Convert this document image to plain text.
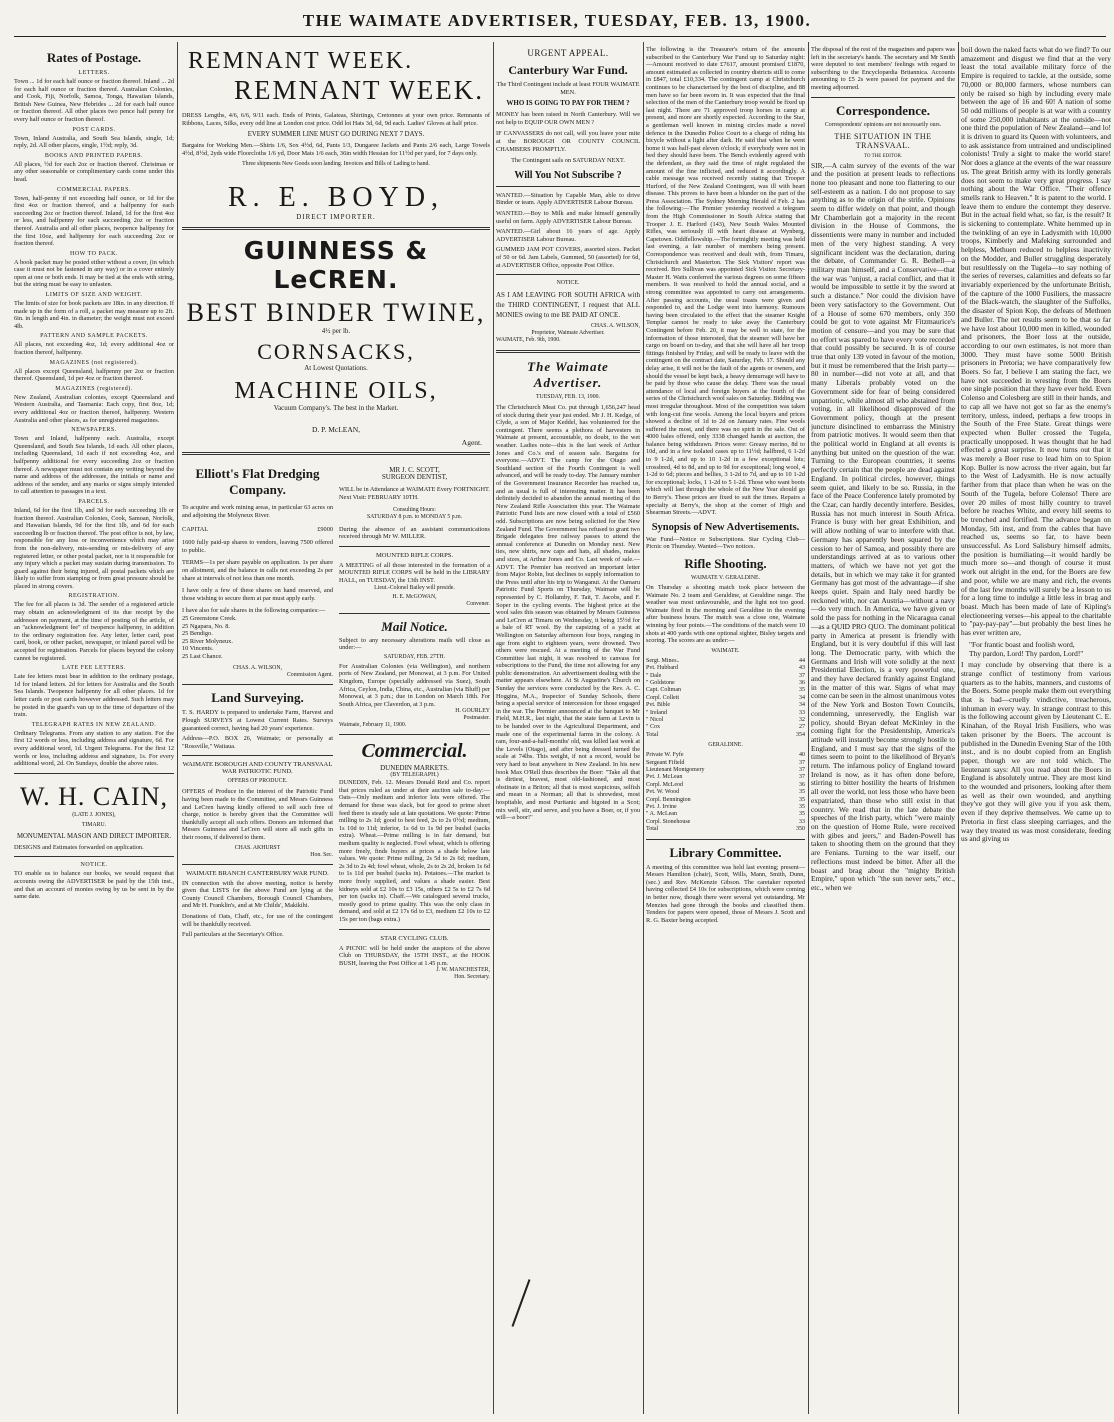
THE WAIMATE ADVERTISER, TUESDAY, FEB. 13, 1900.
Rates of Postage.
LETTERS.
Town ... 1d for each half ounce or fraction thereof. Inland ... 2d for each half ounce or fraction thereof. Australian Colonies, and Cook, Fiji, Norfolk, Samoa, Tonga, Hawaiian Islands, British New Guinea, New Hebrides ... 2d for each half ounce or fraction thereof. All other places two pence half penny for every half ounce or fraction thereof.
POST CARDS.
Town, Inland Australia, and South Sea Islands, single, 1d; reply, 2d. All other places, single, 1½d; reply, 3d.
BOOKS AND PRINTED PAPERS.
All places, ½d for each 2oz or fraction thereof. Christmas or any other seasonable or complimentary cards come under this head.
COMMERCIAL PAPERS.
Town, half-penny if not exceeding half ounce, or 1d for the first 4oz or fraction thereof, and a halfpenny for each succeeding 2oz or fraction thereof. Inland, 1d for the first 4oz or less, and halfpenny for each succeeding 2oz or fraction thereof. Australia and all other places, twopence halfpenny for the first 10oz, and halfpenny for each succeeding 2oz or fraction thereof.
HOW TO PACK.
A book packet may be posted either without a cover, (in which case it must not be fastened in any way) or in a cover entirely open at one or both ends. It may be tied at the ends with string, but the string must be easy to unfasten.
LIMITS OF SIZE AND WEIGHT.
The limits of size for book packets are 18in. in any direction. If made up in the form of a roll, a packet may measure up to 2ft. 6in. in length and 4in. in diameter; the weight must not exceed 4lb.
PATTERN AND SAMPLE PACKETS.
All places, not exceeding 4oz, 1d; every additional 4oz or fraction thereof, halfpenny.
MAGAZINES (not registered).
All places except Queensland, halfpenny per 2oz or fraction thereof. Queensland, 1d per 4oz or fraction thereof.
MAGAZINES (registered).
New Zealand, Australian colonies, except Queensland and Western Australia, and Tasmania: Each copy, first 8oz, 1d; every additional 4oz or fraction thereof, halfpenny. Western Australia and other places, as for unregistered magazines.
NEWSPAPERS.
Town and Inland, halfpenny each. Australia, except Queensland, and South Sea Islands, 1d each. All other places, including Queensland, 1d each if not exceeding 4oz, and halfpenny additional for every succeeding 2oz or fraction thereof. A newspaper must not contain any writing beyond the name and address of the addressee, the initials or name and address of the sender, and any marks or signs simply intended to call attention to passages in a text.
PARCELS.
Inland, 6d for the first 1lb, and 3d for each succeeding 1lb or fraction thereof. Australian Colonies, Cook, Samoan, Norfolk, and Hawaiian Islands, 9d for the first 1lb, and 6d for each succeeding lb or fraction thereof. The post office is not, by law, responsible for any loss or inconvenience which may arise from the non-delivery, mis-sending or mis-delivery of any registered letter, or other postal packet, nor is it responsible for any injury which a packet may sustain during transmission. To guard against their being injured, all postal packets which are likely to suffer from stamping or from great pressure should be placed in strong covers.
REGISTRATION.
The fee for all places is 3d. The sender of a registered article may obtain an acknowledgment of its due receipt by the addressee on payment, at the time of posting of the article, of an "acknowledgment fee" of twopence halfpenny, in addition to the ordinary registration fee. Any letter, letter card, post card, book, or other packet, newspaper, or inland parcel will be accepted for registration. Parcels for places beyond the colony cannot be registered.
LATE FEE LETTERS.
Late fee letters must bear in addition to the ordinary postage, 1d for inland letters. 2d for letters for Australia and the South Sea Islands. Twopence halfpenny for all other places. 1d for letter cards or post cards however addressed. Such letters may be posted in the guard's van up to the time of departure of the train.
TELEGRAPH RATES IN NEW ZEALAND.
Ordinary Telegrams. From any station to any station. For the first 12 words or less, including address and signature, 6d. For every additional word, 1d. Urgent Telegrams. For the first 12 words or less, including address and signature, 1s. For every additional word, 2d. On Sundays, double the above rates.
W. H. CAIN,
(LATE J. JONES),
TIMARU.
MONUMENTAL MASON AND DIRECT IMPORTER.
DESIGNS and Estimates forwarded on application.
NOTICE.
TO enable us to balance our books, we would request that accounts owing the ADVERTISER be paid by the 15th inst., and that an account of monies owing by us be sent in by the same date.
REMNANT WEEK.
REMNANT WEEK.
DRESS Lengths, 4/6, 6/6, 9/11 each. Ends of Prints, Galateas, Shirtings, Cretonnes at your own price. Remnants of Ribbons, Laces, Silks, every odd line at London cost price. Odd lot Hats 3d, 6d, 9d each. Ladies' Gloves at half price.
EVERY SUMMER LINE MUST GO DURING NEXT 7 DAYS.
Bargains for Working Men.—Shirts 1/6, Sox 4½d, 6d, Pants 1/3, Dungaree Jackets and Pants 2/6 each, Large Towels 4½d, 8½d, 2yds wide Floorcloths 1/6 yd, Door Mats 1/6 each, 36in width Hessian for 11½d per yard, for 7 days only.
Three shipments New Goods soon landing. Invoices and Bills of Lading to hand.
R. E. BOYD,
DIRECT IMPORTER.
GUINNESS & LeCREN.
BEST BINDER TWINE,
4½ per lb.
CORNSACKS,
At Lowest Quotations.
MACHINE OILS,
Vacuum Company's. The best in the Market.
D. P. McLEAN,
Agent.
Elliott's Flat Dredging Company.
To acquire and work mining areas, in particular 63 acres on and adjoining the Molyneux River.
CAPITAL	£9000
1600 fully paid-up shares to vendors, leaving 7500 offered to public.
TERMS—1s per share payable on application. 1s per share on allotment, and the balance in calls not exceeding 2s per share at intervals of not less than one month.
I have only a few of these shares on hand reserved, and those wishing to secure them at par must apply early.
I have also for sale shares in the following companies:—
25 Greenstone Creek.
25 Ngapara, No. 8.
25 Bendigo.
25 River Molyneux.
10 Vincents.
25 Last Chance.
CHAS. A. WILSON,
Commission Agent.
Land Surveying.
T. S. HARDY is prepared to undertake Farm, Harvest and Plough SURVEYS at Lowest Current Rates. Surveys guaranteed correct, having had 20 years' experience.
Address—P.O. BOX 26, Waimate; or personally at "Rossville," Waitaua.
WAIMATE BOROUGH AND COUNTY TRANSVAAL WAR PATRIOTIC FUND.
OFFERS OF PRODUCE.
OFFERS of Produce in the interest of the Patriotic Fund having been made to the Committee, and Messrs Guinness and LeCren having kindly offered to sell such free of charge, notice is hereby given that the Committee will thankfully accept all such offers. Donors are informed that Messrs Guinness and LeCren will store all such gifts in their rooms, if delivered to them.
CHAS. AKHURST
Hon. Sec.
WAIMATE BRANCH CANTERBURY WAR FUND.
IN connection with the above meeting, notice is hereby given that LISTS for the above Fund are lying at the County Council Chambers, Borough Council Chambers, and Mr H. Franklin's, and at Mr Childs', Makikihi.
Donations of Oats, Chaff, etc., for use of the contingent will be thankfully received.
Full particulars at the Secretary's Office.
MR J. C. SCOTT,
SURGEON DENTIST,
WILL be in Attendance at WAIMATE Every FORTNIGHT. Next Visit: FEBRUARY 10TH.
Consulting Hours:
SATURDAY 8 p.m. to MONDAY 5 p.m.
During the absence of an assistant communications received through Mr W. MILLER.
MOUNTED RIFLE CORPS.
A MEETING of all those interested in the formation of a MOUNTED RIFLE CORPS will be held in the LIBRARY HALL, on TUESDAY, the 13th INST.
Lieut.-Colonel Bailey will preside.
H. E. McGOWAN,
Convener.
Mail Notice.
Subject to any necessary alterations mails will close as under:—
SATURDAY, FEB. 27TH.
For Australian Colonies (via Wellington), and northern ports of New Zealand, per Monowai, at 3 p.m. For United Kingdom, Europe (specially addressed via Suez), South Africa, Ceylon, India, China, etc., Australian (via Bluff) per Monowai, at 3 p.m.; due in London on March 18th. For South Africa, per Claverdon, at 3 p.m.
H. GOURLEY
Postmaster.
Waimate, February 11, 1900.
Commercial.
DUNEDIN MARKETS.
(BY TELEGRAPH.)
DUNEDIN, Feb. 12. Messrs Donald Reid and Co. report that prices ruled as under at their auction sale to-day:— Oats—Only medium and inferior lots were offered. The demand for these was slack, but for good to prime short feed there is steady sale at late quotations. We quote: Prime milling to 2s 1d; good to best feed, 2s to 2s 0½d; medium, 1s 10d to 11d; inferior, 1s 6d to 1s 9d per bushel (sacks extra). Wheat.—Prime milling is in fair demand, but medium quality is neglected. Fowl wheat, which is offering more freely, finds buyers at prices a shade below late values. We quote: Prime milling, 2s 5d to 2s 6d; medium, 2s 3d to 2s 4d; fowl wheat, whole, 2s to 2s 2d, broken 1s 6d to 1s 11d per bushel (sacks in). Potatoes.—The market is more freely supplied, and values a shade easier. Best kidneys sold at £2 10s to £3 15s, others £2 5s to £2 7s 6d per ton (sacks in). Chaff.—We catalogued several trucks, mostly good to prime quality. This was the only class in demand, and sold at £2 17s 6d to £3, medium £2 10s to £2 15s per ton (bags extra.)
STAR CYCLING CLUB.
A PICNIC will be held under the auspices of the above Club on THURSDAY, the 15TH INST., at the HOOK BUSH, leaving the Post Office at 1.45 p.m.
J. W. MANCHESTER,
Hon. Secretary.
URGENT APPEAL.
Canterbury War Fund.
The Third Contingent include at least FOUR WAIMATE MEN.
WHO IS GOING TO PAY FOR THEM ?
MONEY has been raised in North Canterbury. Will we not help to EQUIP OUR OWN MEN ?
IF CANVASSERS do not call, will you leave your mite at the BOROUGH OR COUNTY COUNCIL CHAMBERS PROMPTLY.
The Contingent sails on SATURDAY NEXT.
Will You Not Subscribe ?
WANTED.—Situation by Capable Man, able to drive Binder or team. Apply ADVERTISER Labour Bureau.
WANTED.—Boy to Milk and make himself generally useful on farm. Apply ADVERTISER Labour Bureau.
WANTED.—Girl about 16 years of age. Apply ADVERTISER Labour Bureau.
GUMMED JAM POT COVERS, assorted sizes. Packet of 50 or 6d. Jam Labels, Gummed, 50 (assorted) for 6d, at ADVERTISER Office, opposite Post Office.
NOTICE.
AS I AM LEAVING FOR SOUTH AFRICA with the THIRD CONTINGENT, I request that ALL MONIES owing to me BE PAID AT ONCE.
CHAS. A. WILSON,
Proprietor, Waimate Advertiser.
WAIMATE, Feb. 9th, 1900.
The Waimate Advertiser.
TUESDAY, FEB. 13, 1900.
The Christchurch Meat Co. put through 1,656,247 head of stock during their year just ended. Mr J. H. Kedge, of Clyde, a son of Major Keddel, has volunteered for the contingent. There seems a plethora of harvesters in Waimate at present, accountable, no doubt, to the wet weather. Ladies note—this is the last week of Arthur Jones and Co.'s end of season sale. Bargains for everyone.—ADVT. The camp for the Otago and Southland section of the Fourth Contingent is well advanced, and will be ready to-day. The January number of the Government Insurance Recorder has reached us, and as usual is full of interesting matter. It has been definitely decided to abandon the annual meeting of the New Zealand Rifle Association this year. The Waimate Patriotic Fund lists are now closed with a total of £560 odd. Subscriptions are now being solicited for the New Zealand Fund. The Government has refused to grant two Brigade delegates free railway passes to attend the annual conference at Dunedin on Monday next. New ties, new shirts, new caps and hats, all shades, makes and sizes, at Arthur Jones and Co. Last week of sale.—ADVT. The Premier has received an important letter from Major Robin, but declines to supply information to the Press until after his trip to Wanganui. At the Oamaru Patriotic Fund Sports on Thursday, Waimate will be represented by C. Hollamby, F. Tait, T. Jacobs, and F. Soper in the cycling events. The highest price at the wool sales this season was obtained by Messrs Guinness and LeCren at Timaru on Wednesday, it being 15½d for a bale of RT wool. By the capsizing of a yacht at Wellington on Saturday afternoon four boys, ranging in age from eight to eighteen years, were drowned. Two others were rescued. At a meeting of the War Fund Committee last night, it was resolved to canvass for subscriptions to the Fund, the time not allowing for any public demonstration. An advertisement dealing with the matter appears elsewhere. At St Augustine's Church on Sunday the services were conducted by the Rev. A. C. Hoggins, M.A., Inspector of Sunday Schools, there being a special service of intercession for those engaged in the war. The Premier announced at the banquet to Mr Field, M.H.R., last night, that the state farm at Levin is to be handed over to the Agricultural Department, and made one of the experimental farms in the colony. A ram, four-and-a-half-months' old, was killed last week at the Levels (Otago), and after being dressed turned the scale at 74lbs. This weight, if not a record, would be very hard to beat anywhere in New Zealand. In his new book Max O'Rell thus describes the Boer: "Take all that is dirtiest, bravest, most old-fashioned, and most obstinate in a Briton; all that is most suspicious, selfish and mean in a Norman; all that is shrewdest, most hospitable, and most Puritanic and bigoted in a Scot; mix well, stir, and serve, and you have a Boer, or, if you will—a boor!"
The following is the Treasurer's return of the amounts subscribed to the Canterbury War Fund up to Saturday night:—Amount received to date £7617, amount promised £1870, amount estimated as collected in country districts still to come in £847, total £10,334. The contingent camp at Christchurch continues to be characterised by the best of discipline, and 88 men have so far been sworn in. It was expected that the final selection of the men of the Canterbury troop would be fixed up last night. There are 71 approved troop horses in camp at present, and more are shortly expected. According to the Star, a gentleman well known in mining circles made a novel defence in the Dunedin Police Court to a charge of riding his bicycle without a light after dark. He said that when he went home it was half-past eleven o'clock; if everybody were not in bed they should have been. The Bench evidently agreed with the defendant, as they said the time of night regulated the amount of the fine inflicted, and reduced it accordingly. A cable message was received recently stating that Trooper Hurford, of the New Zealand Contingent, was ill with heart disease. This proves to have been a blunder on the part of the Press Association. The Sydney Morning Herald of Feb. 2 has the following:—The Premier yesterday received a telegram from the High Commissioner in South Africa stating that Trooper J. E. Harford (143), New South Wales Mounted Rifles, was seriously ill with heart disease at Wynberg, Capetown. Oddfellowship.—The fortnightly meeting was held last evening, a fair number of members being present. Correspondence was received and dealt with, from Timaru, Christchurch and Masterton. The Sick Visitors' report was received. Bro Sullivan was appointed Sick Visitor. Secretary-Master H. Watts conferred the various degrees on some fifteen members. It was resolved to hold the annual social, and a strong committee was appointed to carry out arrangements. After passing accounts, the usual toasts were given and responded to, and the Lodge went into harmony. Rumours having been circulated to the effect that the steamer Knight Templar cannot be ready to take away the Canterbury Contingent before Feb. 20, it may be well to state, for the information of those interested, that the steamer will have her cargo on board on to-day, and that she will have all her troop fittings finished by Friday, and will be ready to leave with the contingent on the contract date, Saturday, Feb. 17. Should any delay arise, it will not be the fault of the agents or owners, and should the vessel be kept back, a heavy demurrage will have to be paid by those who cause the delay. There was the usual attendance of local and foreign buyers at the fourth of the series of the Christchurch wool sales on Saturday. Bidding was most irregular throughout. Most of the competition was taken with long-cut fine wools. Among the local buyers and prices showed a decline of 1d to 2d on January rates. Fine wools suffered the most, and there was no spirit in the sale. Out of 4000 bales offered, only 3338 changed hands at auction, the balance being withdrawn. Prices were: Greasy merino, 8d to 10d, and in a few isolated cases up to 11½d; halfbred, 6 1-2d to 9 1-2d, and up to 10 1-2d in a few exceptional lots; crossbred, 4d to 8d, and up to 9d for exceptional; long wool, 4 1-2d to 6d; pieces and bellies, 3 1-2d to 7d, and up to 10 1-2d for exceptional; locks, 1 1-2d to 5 1-2d. Those who want boots which will last through the whole of the New Year should go to Berry's. These prices are fixed to suit the times. Repairs a specialty at Berry's, the shop at the corner of High and Shearman Streets.—ADVT.
Synopsis of New Advertisements.
War Fund—Notice re Subscriptions. Star Cycling Club—Picnic on Thursday. Wanted—Two notices.
Rifle Shooting.
WAIMATE V. GERALDINE.
On Thursday a shooting match took place between the Waimate No. 2 team and Geraldine, at Geraldine range. The weather was most unfavourable, and the light not too good. Waimate fired in the morning and Geraldine in the evening after business hours. The match was a close one, Waimate winning by four points.—The conditions of the match were 10 shots at 400 yards with one optional sighter, Bisley targets and scoring. The scores are as under:—
WAIMATE.
Sergt. Mines..	44
Pvt. Hubbard	43
" Dale	37
" Goldstone	36
Capt. Coltman	35
Corpl. Collett	34
Pvt. Bible	34
" Ireland	33
" Nicol	32
" Cox	27
Total	354
GERALDINE.
Private W. Fyfe	40
Sergeant Fifield	37
Lieutenant Montgomery	37
Pvt. J. McLean	37
Corpl. McLeod	36
Pvt. W. Wood	35
Corpl. Bennington	35
Pvt. J. Irvine	35
" A. McLean	35
Corpl. Stonehouse	33
Total	350
Library Committee.
A meeting of this committee was held last evening; present—Messrs Hamilton (chair), Scott, Wills, Mann, Smith, Dunn, (sec.) and Rev. McKenzie Gibson. The caretaker reported having collected £4 10s for subscriptions, which were coming in better now, though there were several yet outstanding. Mr Menzies had gone through the books and classified them. Tenders for papers were opened, those of Messrs J. Scott and R. G. Baxter being accepted.
The disposal of the rest of the magazines and papers was left in the secretary's hands. The secretary and Mr Smith were deputed to test members' feelings with regard to subscribing to the Encyclopædia Britannica. Accounts amounting to £5 2s were passed for payment and the meeting adjourned.
Correspondence.
Correspondents' opinions are not necessarily ours.
THE SITUATION IN THE TRANSVAAL.
TO THE EDITOR.
SIR,—A calm survey of the events of the war and the position at present leads to reflections none too pleasant and none too flattering to our self-esteem as a nation. I do not propose to say anything as to the origin of the strife. Opinions seem to differ widely on that point, and though Mr Chamberlain got a majority in the recent division in the House of Commons, the dissentients were many in number and included men of the very highest standing. A very significant incident was the declaration, during the debate, of Commander G. R. Bethell—a military man himself, and a Conservative—that the war was "unjust, a racial conflict, and that it would be impossible to settle it by the sword at such a distance." Nor could the division have been very satisfactory to the Government. Out of a House of some 670 members, only 350 could be got to vote against Mr Fitzmaurice's motion of censure—and you may be sure that no effort was spared to have every vote recorded that could possibly be secured. It is of course true that only 139 voted in favour of the motion, but it must be remembered that the Irish party—80 in number—did not vote at all, and that many Liberals probably voted on the Government side for fear of being considered unpatriotic, while almost all who abstained from voting, in all likelihood disapproved of the Government policy, though at the present juncture disinclined to embarrass the Ministry from patriotic motives. It would seem then that the political world in England at all events is anything but united on the question of the war. Turning to the European countries, it seems perfectly certain that the people are dead against England. In political circles, however, things seem quiet, and likely to be so. Russia, in the face of the Peace Conference lately promoted by the Czar, can hardly decently interfere. Besides, Russia has not much interest in South Africa. France is busy with her great Exhibition, and will allow nothing of war to interfere with that. Germany has apparently been squared by the cession to her of Samoa, and possibly there are understandings arrived at as to various other matters, of which we have not yet got the details, but in which we may take it for granted Germany has got most of the advantage—if she keeps quiet. Spain and Italy need hardly be reckoned with, nor can Austria—without a navy—do very much. In America, we have given or sold the pass for nothing in the Nicaragua canal—as a QUID PRO QUO. The dominant political party in America at present is friendly with England, but it is very doubtful if this will last long. The Democratic party, with which the Germans and Irish will vote solidly at the next Presidential Election, is a very powerful one, and they have declared frankly against England in the matter of this war. Signs of what may come can be seen in the almost unanimous votes of the New York and Boston Town Councils, condemning, unreservedly, the English war policy, should Bryan defeat McKinley in the coming fight for the Presidentship, America's attitude will instantly become strongly hostile to England, and I must say that the signs of the times seem to point to the likelihood of Bryan's return. The infamous policy of England toward Ireland is now, as it has often done before, stirring to bitter hostility the hearts of Irishmen all over the world, not less those who have been expatriated, than those who still exist in that country. We read that in the late debate the speeches of the Irish party, which "were mainly on the question of Home Rule, were received with gibes and jeers," and Baden-Powell has taken to shooting them on the ground that they are Fenians. Turning to the war itself, our reflections must indeed be bitter. After all the boast and brag about the "mighty British Empire," upon which "the sun never sets," etc., etc., when we
boil down the naked facts what do we find? To our amazement and disgust we find that at the very least the total available military force of the Empire is required to tackle, at the outside, some 70,000 or 80,000 farmers, whose numbers can only be raised so high by including every male between the age of 16 and 60! A nation of some 50 odd millions of people is at war with a country of some 250,000 inhabitants at the outside—not one third the population of New Zealand—and lo! it is driven to guard its Queen with volunteers, and to ask assistance from untrained and undisciplined colonists! Truly a sight to make the world stare! Nor does a glance at the events of the war reassure us. The great British army with its lordly generals does not seem to make very great progress. I say nothing about the War Office. "Their offence smells rank to Heaven." It is patent to the world. I leave them to endure the contempt they deserve. But in the actual field what, so far, is the result? It is sickening to contemplate. White hemmed up in the twinkling of an eye in Ladysmith with 10,000 troops, Kimberly and Mafeking surrounded and helpless, Methuen reduced to helpless inactivity on the Modder, and Buller struggling desperately but resultlessly on the Tugela—to say nothing of the series of reverses, calamities and defeats so far invariably experienced by the unfortunate British, of the capture of the 1000 Fusiliers, the massacre of the Black-watch, the slaughter of the Suffolks, the disaster of Spion Kop, the defeats of Methuen and Buller. The net results seem to be that so far we have lost about 10,000 men in killed, wounded and prisoners, the Boer loss at the outside, according to our own estimates, is not more than 3000. They must have some 5000 British prisoners in Pretoria; we have comparatively few Boers. So far, I believe I am stating the fact, we have not succeeded in wresting from the Boers one single position that they have ever held. Even Colenso and Colesberg are still in their hands, and to cap all we have not got so far as the enemy's territory, unless, indeed, perhaps a few troops in the South of the Free State. Great things were expected when Buller crossed the Tugela, practically unopposed. It was thought that he had effected a great surprise. It now turns out that it was merely a Boer ruse to lead him on to Spion Kop. Buller is now across the river again, but far to the West of Ladysmith. He is now actually farther from that place than when he was on the South of the Tugela, before Colenso! There are over 20 miles of most hilly country to travel before he reaches White, and every hill seems to be trenched and fortified. The advance began on Monday, 5th inst, and from the cables that have reached us, seems so far, to have been unsuccessful. As Lord Salisbury himself admits, the position is humiliating—it would hardly be much more so—and though of course it must work out alright in the end, for the Boers are few and poor, while we are many and rich, the events of the last few months will surely be a lesson to us for a long time to indulge a little less in brag and boast. Much has been made of late of Kipling's electioneering verses—his appeal to the charitable to "pay-pay-pay"—but probably the best lines he has ever written are,
"For frantic boast and foolish word,
Thy pardon, Lord! Thy pardon, Lord!"
I may conclude by observing that there is a strange conflict of testimony from various quarters as to the habits, manners, and customs of the Boers. Some people make them out everything that is bad—cruelly vindictive, treacherous, inhuman in every way. In strange contrast to this is the following account given by Lieutenant C. E. Kinahan, of the Royal Irish Fusiliers, who was taken prisoner by the Boers. The account is published in the Dunedin Evening Star of the 10th inst., and is no doubt copied from an English paper, though we are not told which. The lieutenant says: All you read about the Boers in England is absolutely untrue. They are most kind to the wounded and prisoners, looking after them as well as their own wounded, and anything they've got they will give you if you ask them, even if they deprive themselves. We came up to Pretoria in first class sleeping carriages, and the way they treated us was most considerate, feeding us and giving us
